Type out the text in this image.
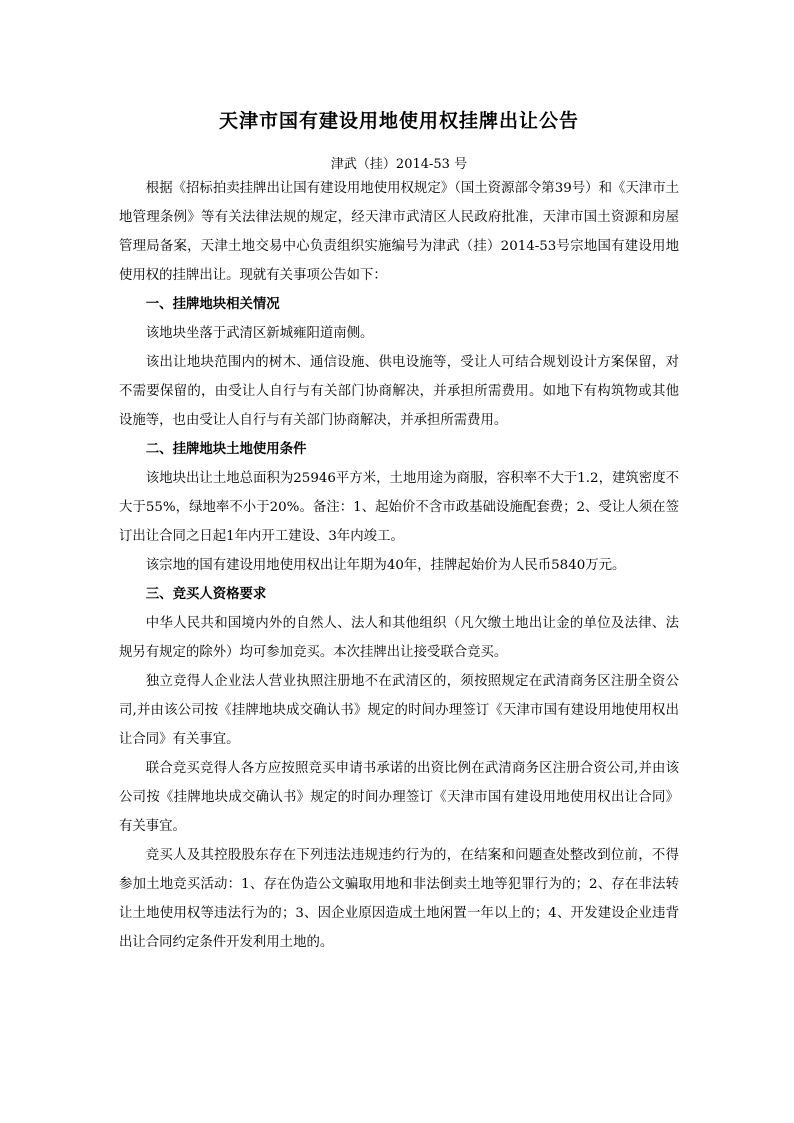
天津市国有建设用地使用权挂牌出让公告
津武（挂）2014-53 号

根据《招标拍卖挂牌出让国有建设用地使用权规定》（国土资源部令第39号）和《天津市土地管理条例》等有关法律法规的规定，经天津市武清区人民政府批准，天津市国土资源和房屋管理局备案，天津土地交易中心负责组织实施编号为津武（挂）2014-53号宗地国有建设用地使用权的挂牌出让。现就有关事项公告如下：

一、挂牌地块相关情况

该地块坐落于武清区新城雍阳道南侧。

该出让地块范围内的树木、通信设施、供电设施等，受让人可结合规划设计方案保留，对不需要保留的，由受让人自行与有关部门协商解决，并承担所需费用。如地下有构筑物或其他设施等，也由受让人自行与有关部门协商解决，并承担所需费用。

二、挂牌地块土地使用条件

该地块出让土地总面积为25946平方米，土地用途为商服，容积率不大于1.2，建筑密度不大于55%，绿地率不小于20%。备注：1、起始价不含市政基础设施配套费；2、受让人须在签订出让合同之日起1年内开工建设、3年内竣工。

该宗地的国有建设用地使用权出让年期为40年，挂牌起始价为人民币5840万元。

三、竞买人资格要求

中华人民共和国境内外的自然人、法人和其他组织（凡欠缴土地出让金的单位及法律、法规另有规定的除外）均可参加竞买。本次挂牌出让接受联合竞买。

独立竞得人企业法人营业执照注册地不在武清区的，须按照规定在武清商务区注册全资公司,并由该公司按《挂牌地块成交确认书》规定的时间办理签订《天津市国有建设用地使用权出让合同》有关事宜。

联合竞买竞得人各方应按照竞买申请书承诺的出资比例在武清商务区注册合资公司,并由该公司按《挂牌地块成交确认书》规定的时间办理签订《天津市国有建设用地使用权出让合同》有关事宜。

竞买人及其控股股东存在下列违法违规违约行为的，在结案和问题查处整改到位前，不得参加土地竞买活动：1、存在伪造公文骗取用地和非法倒卖土地等犯罪行为的；2、存在非法转让土地使用权等违法行为的；3、因企业原因造成土地闲置一年以上的；4、开发建设企业违背出让合同约定条件开发利用土地的。
